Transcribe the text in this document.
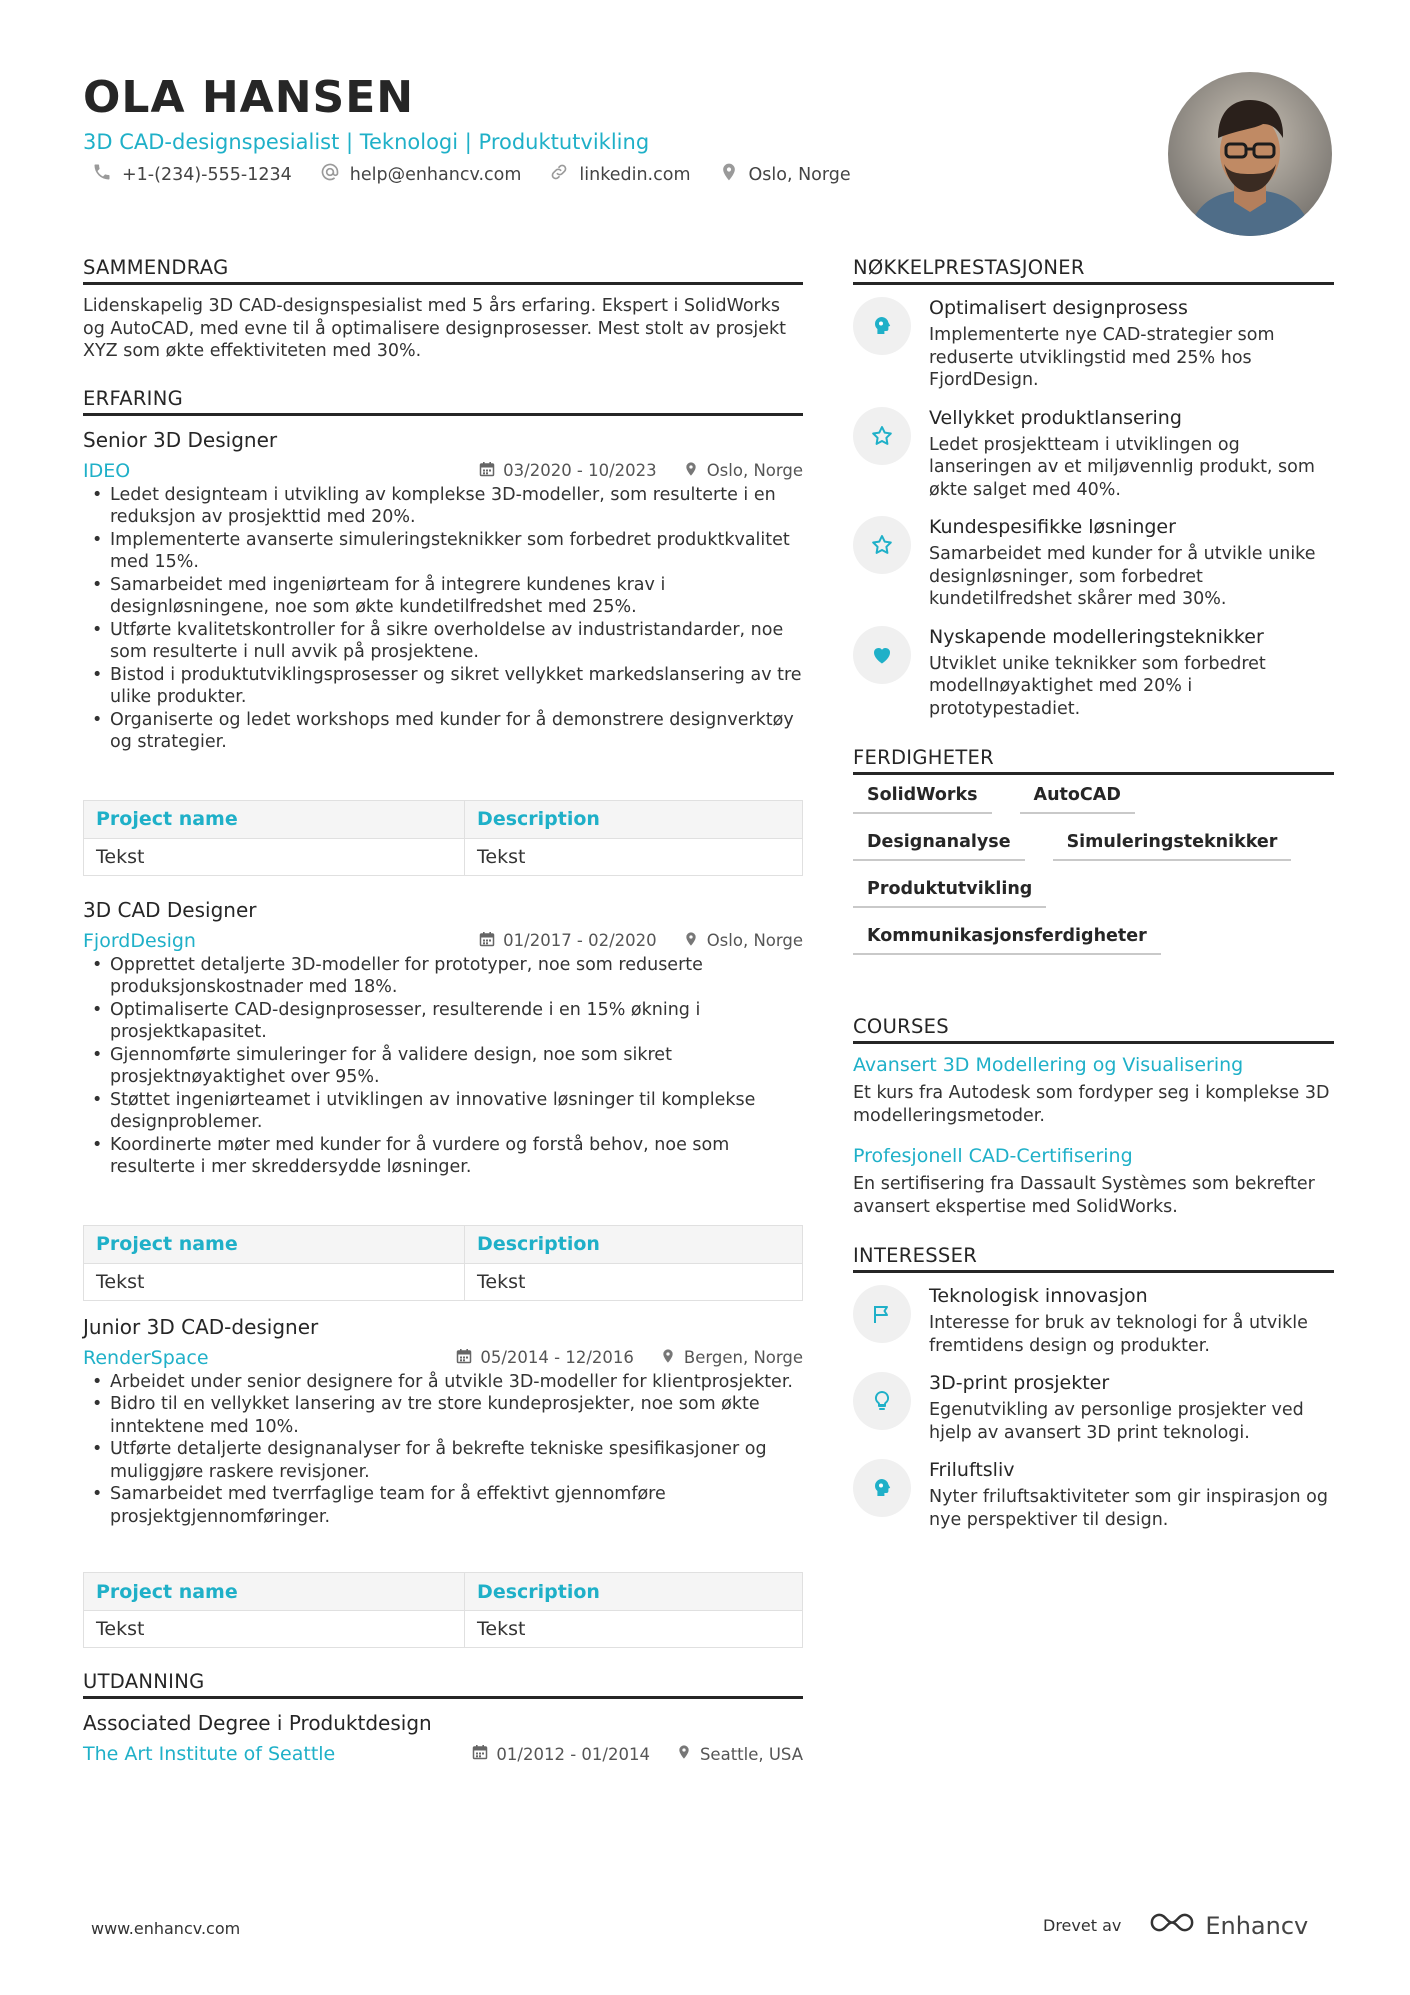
OLA HANSEN
3D CAD-designspesialist | Teknologi | Produktutvikling
+1-(234)-555-1234	help@enhancv.com	linkedin.com	Oslo, Norge
SAMMENDRAG
Lidenskapelig 3D CAD-designspesialist med 5 års erfaring. Ekspert i SolidWorks og AutoCAD, med evne til å optimalisere designprosesser. Mest stolt av prosjekt XYZ som økte effektiviteten med 30%.
ERFARING
Senior 3D Designer
IDEO	03/2020 - 10/2023	Oslo, Norge
• Ledet designteam i utvikling av komplekse 3D-modeller, som resulterte i en reduksjon av prosjekttid med 20%.
• Implementerte avanserte simuleringsteknikker som forbedret produktkvalitet med 15%.
• Samarbeidet med ingeniørteam for å integrere kundenes krav i designløsningene, noe som økte kundetilfredshet med 25%.
• Utførte kvalitetskontroller for å sikre overholdelse av industristandarder, noe som resulterte i null avvik på prosjektene.
• Bistod i produktutviklingsprosesser og sikret vellykket markedslansering av tre ulike produkter.
• Organiserte og ledet workshops med kunder for å demonstrere designverktøy og strategier.
Project name	Description
Tekst	Tekst
3D CAD Designer
FjordDesign	01/2017 - 02/2020	Oslo, Norge
• Opprettet detaljerte 3D-modeller for prototyper, noe som reduserte produksjonskostnader med 18%.
• Optimaliserte CAD-designprosesser, resulterende i en 15% økning i prosjektkapasitet.
• Gjennomførte simuleringer for å validere design, noe som sikret prosjektnøyaktighet over 95%.
• Støttet ingeniørteamet i utviklingen av innovative løsninger til komplekse designproblemer.
• Koordinerte møter med kunder for å vurdere og forstå behov, noe som resulterte i mer skreddersydde løsninger.
Project name	Description
Tekst	Tekst
Junior 3D CAD-designer
RenderSpace	05/2014 - 12/2016	Bergen, Norge
• Arbeidet under senior designere for å utvikle 3D-modeller for klientprosjekter.
• Bidro til en vellykket lansering av tre store kundeprosjekter, noe som økte inntektene med 10%.
• Utførte detaljerte designanalyser for å bekrefte tekniske spesifikasjoner og muliggjøre raskere revisjoner.
• Samarbeidet med tverrfaglige team for å effektivt gjennomføre prosjektgjennomføringer.
Project name	Description
Tekst	Tekst
UTDANNING
Associated Degree i Produktdesign
The Art Institute of Seattle	01/2012 - 01/2014	Seattle, USA
NØKKELPRESTASJONER
Optimalisert designprosess
Implementerte nye CAD-strategier som reduserte utviklingstid med 25% hos FjordDesign.
Vellykket produktlansering
Ledet prosjektteam i utviklingen og lanseringen av et miljøvennlig produkt, som økte salget med 40%.
Kundespesifikke løsninger
Samarbeidet med kunder for å utvikle unike designløsninger, som forbedret kundetilfredshet skårer med 30%.
Nyskapende modelleringsteknikker
Utviklet unike teknikker som forbedret modellnøyaktighet med 20% i prototypestadiet.
FERDIGHETER
SolidWorks	AutoCAD
Designanalyse	Simuleringsteknikker
Produktutvikling
Kommunikasjonsferdigheter
COURSES
Avansert 3D Modellering og Visualisering
Et kurs fra Autodesk som fordyper seg i komplekse 3D modelleringsmetoder.
Profesjonell CAD-Certifisering
En sertifisering fra Dassault Systèmes som bekrefter avansert ekspertise med SolidWorks.
INTERESSER
Teknologisk innovasjon
Interesse for bruk av teknologi for å utvikle fremtidens design og produkter.
3D-print prosjekter
Egenutvikling av personlige prosjekter ved hjelp av avansert 3D print teknologi.
Friluftsliv
Nyter friluftsaktiviteter som gir inspirasjon og nye perspektiver til design.
www.enhancv.com	Drevet av	Enhancv
